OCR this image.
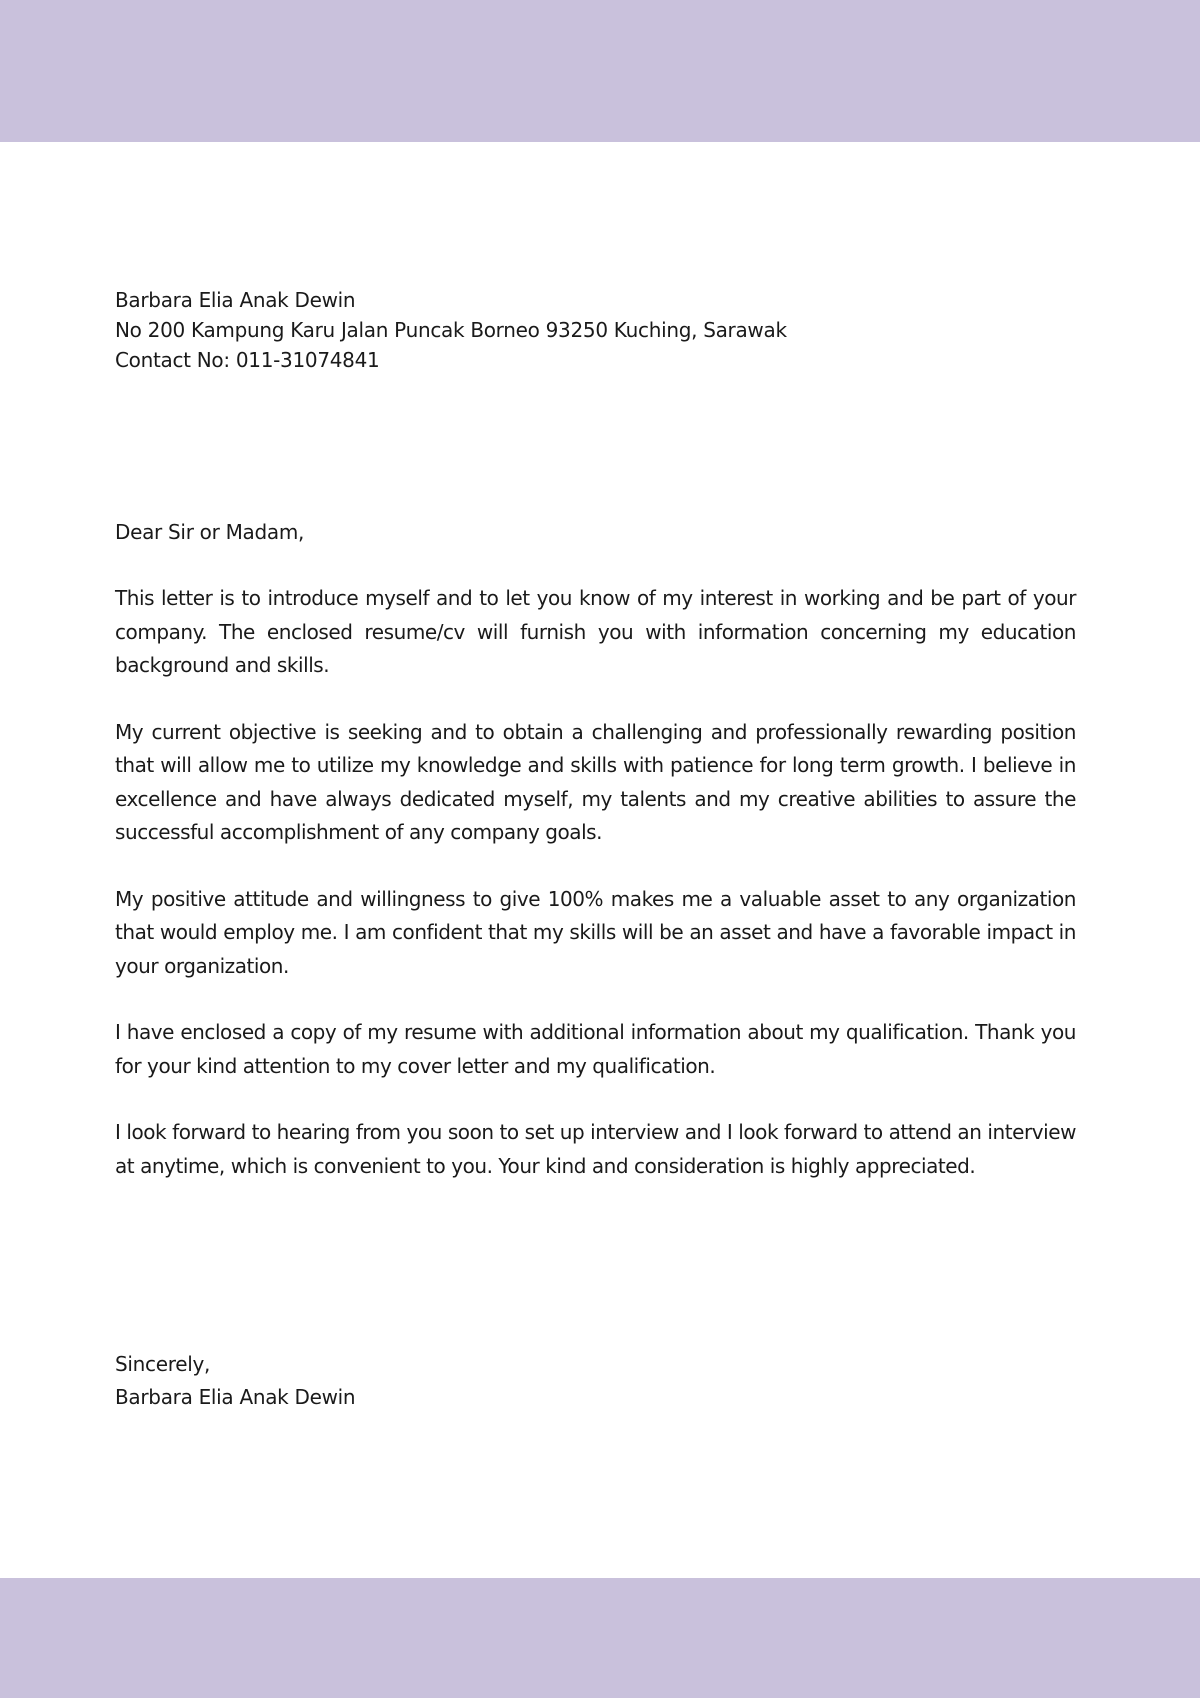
Barbara Elia Anak Dewin
No 200 Kampung Karu Jalan Puncak Borneo 93250 Kuching, Sarawak
Contact No: 011-31074841
Dear Sir or Madam,

This letter is to introduce myself and to let you know of my interest in working and be part of your company. The enclosed resume/cv will furnish you with information concerning my education background and skills.

My current objective is seeking and to obtain a challenging and professionally rewarding position that will allow me to utilize my knowledge and skills with patience for long term growth. I believe in excellence and have always dedicated myself, my talents and my creative abilities to assure the successful accomplishment of any company goals.

My positive attitude and willingness to give 100% makes me a valuable asset to any organization that would employ me. I am confident that my skills will be an asset and have a favorable impact in your organization.

I have enclosed a copy of my resume with additional information about my qualification. Thank you for your kind attention to my cover letter and my qualification.

I look forward to hearing from you soon to set up interview and I look forward to attend an interview at anytime, which is convenient to you. Your kind and consideration is highly appreciated.

Sincerely,
Barbara Elia Anak Dewin
